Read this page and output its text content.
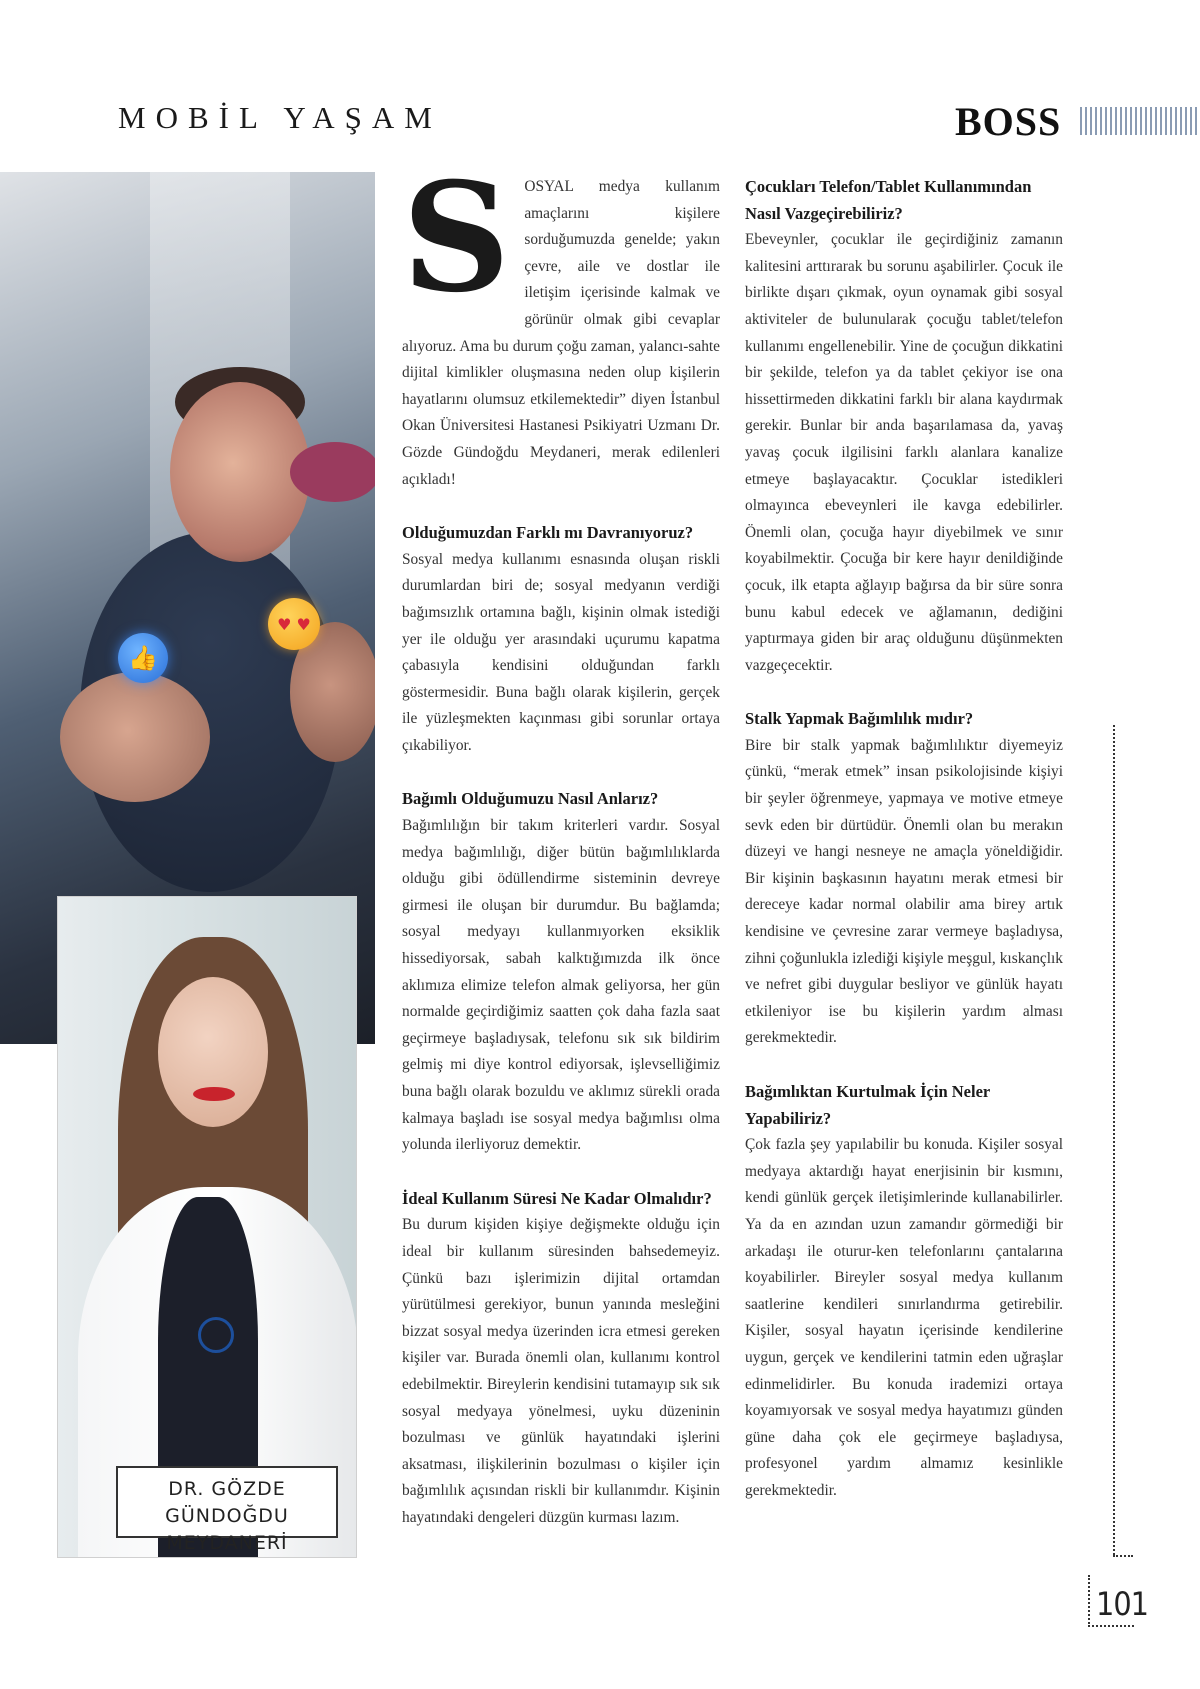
MOBİL YAŞAM	BOSS
♥ ♥
👍
DR. GÖZDE GÜNDOĞDU
MEYDANERİ
S OSYAL medya kullanım amaçlarını kişilere sorduğumuzda genelde; yakın çevre, aile ve dostlar ile iletişim içerisinde kalmak ve görünür olmak gibi cevaplar alıyoruz. Ama bu durum çoğu zaman, yalancı-sahte dijital kimlikler oluşmasına neden olup kişilerin hayatlarını olumsuz etkilemektedir” diyen İstanbul Okan Üniversitesi Hastanesi Psikiyatri Uzmanı Dr. Gözde Gündoğdu Meydaneri, merak edilenleri açıkladı!

Olduğumuzdan Farklı mı Davranıyoruz?

Sosyal medya kullanımı esnasında oluşan riskli durumlardan biri de; sosyal medyanın verdiği bağımsızlık ortamına bağlı, kişinin olmak istediği yer ile olduğu yer arasındaki uçurumu kapatma çabasıyla kendisini olduğundan farklı göstermesidir. Buna bağlı olarak kişilerin, gerçek ile yüzleşmekten kaçınması gibi sorunlar ortaya çıkabiliyor.

Bağımlı Olduğumuzu Nasıl Anlarız?

Bağımlılığın bir takım kriterleri vardır. Sosyal medya bağımlılığı, diğer bütün bağımlılıklarda olduğu gibi ödüllendirme sisteminin devreye girmesi ile oluşan bir durumdur. Bu bağlamda; sosyal medyayı kullanmıyorken eksiklik hissediyorsak, sabah kalktığımızda ilk önce aklımıza elimize telefon almak geliyorsa, her gün normalde geçirdiğimiz saatten çok daha fazla saat geçirmeye başladıysak, telefonu sık sık bildirim gelmiş mi diye kontrol ediyorsak, işlevselliğimiz buna bağlı olarak bozuldu ve aklımız sürekli orada kalmaya başladı ise sosyal medya bağımlısı olma yolunda ilerliyoruz demektir.

İdeal Kullanım Süresi Ne Kadar Olmalıdır?

Bu durum kişiden kişiye değişmekte olduğu için ideal bir kullanım süresinden bahsedemeyiz. Çünkü bazı işlerimizin dijital ortamdan yürütülmesi gerekiyor, bunun yanında mesleğini bizzat sosyal medya üzerinden icra etmesi gereken kişiler var. Burada önemli olan, kullanımı kontrol edebilmektir. Bireylerin kendisini tutamayıp sık sık sosyal medyaya yönelmesi, uyku düzeninin bozulması ve günlük hayatındaki işlerini aksatması, ilişkilerinin bozulması o kişiler için bağımlılık açısından riskli bir kullanımdır. Kişinin hayatındaki dengeleri düzgün kurması lazım.

Çocukları Telefon/Tablet Kullanımından Nasıl Vazgeçirebiliriz?

Ebeveynler, çocuklar ile geçirdiğiniz zamanın kalitesini arttırarak bu sorunu aşabilirler. Çocuk ile birlikte dışarı çıkmak, oyun oynamak gibi sosyal aktiviteler de bulunularak çocuğu tablet/telefon kullanımı engellenebilir. Yine de çocuğun dikkatini bir şekilde, telefon ya da tablet çekiyor ise ona hissettirmeden dikkatini farklı bir alana kaydırmak gerekir. Bunlar bir anda başarılamasa da, yavaş yavaş çocuk ilgilisini farklı alanlara kanalize etmeye başlayacaktır. Çocuklar istedikleri olmayınca ebeveynleri ile kavga edebilirler. Önemli olan, çocuğa hayır diyebilmek ve sınır koyabilmektir. Çocuğa bir kere hayır denildiğinde çocuk, ilk etapta ağlayıp bağırsa da bir süre sonra bunu kabul edecek ve ağlamanın, dediğini yaptırmaya giden bir araç olduğunu düşünmekten vazgeçecektir.

Stalk Yapmak Bağımlılık mıdır?

Bire bir stalk yapmak bağımlılıktır diyemeyiz çünkü, “merak etmek” insan psikolojisinde kişiyi bir şeyler öğrenmeye, yapmaya ve motive etmeye sevk eden bir dürtüdür. Önemli olan bu merakın düzeyi ve hangi nesneye ne amaçla yöneldiğidir. Bir kişinin başkasının hayatını merak etmesi bir dereceye kadar normal olabilir ama birey artık kendisine ve çevresine zarar vermeye başladıysa, zihni çoğunlukla izlediği kişiyle meşgul, kıskançlık ve nefret gibi duygular besliyor ve günlük hayatı etkileniyor ise bu kişilerin yardım alması gerekmektedir.

Bağımlıktan Kurtulmak İçin Neler Yapabiliriz?

Çok fazla şey yapılabilir bu konuda. Kişiler sosyal medyaya aktardığı hayat enerjisinin bir kısmını, kendi günlük gerçek iletişimlerinde kullanabilirler. Ya da en azından uzun zamandır görmediği bir arkadaşı ile oturur-ken telefonlarını çantalarına koyabilirler. Bireyler sosyal medya kullanım saatlerine kendileri sınırlandırma getirebilir. Kişiler, sosyal hayatın içerisinde kendilerine uygun, gerçek ve kendilerini tatmin eden uğraşlar edinmelidirler. Bu konuda irademizi ortaya koyamıyorsak ve sosyal medya hayatımızı günden güne daha çok ele geçirmeye başladıysa, profesyonel yardım almamız kesinlikle gerekmektedir.

101
